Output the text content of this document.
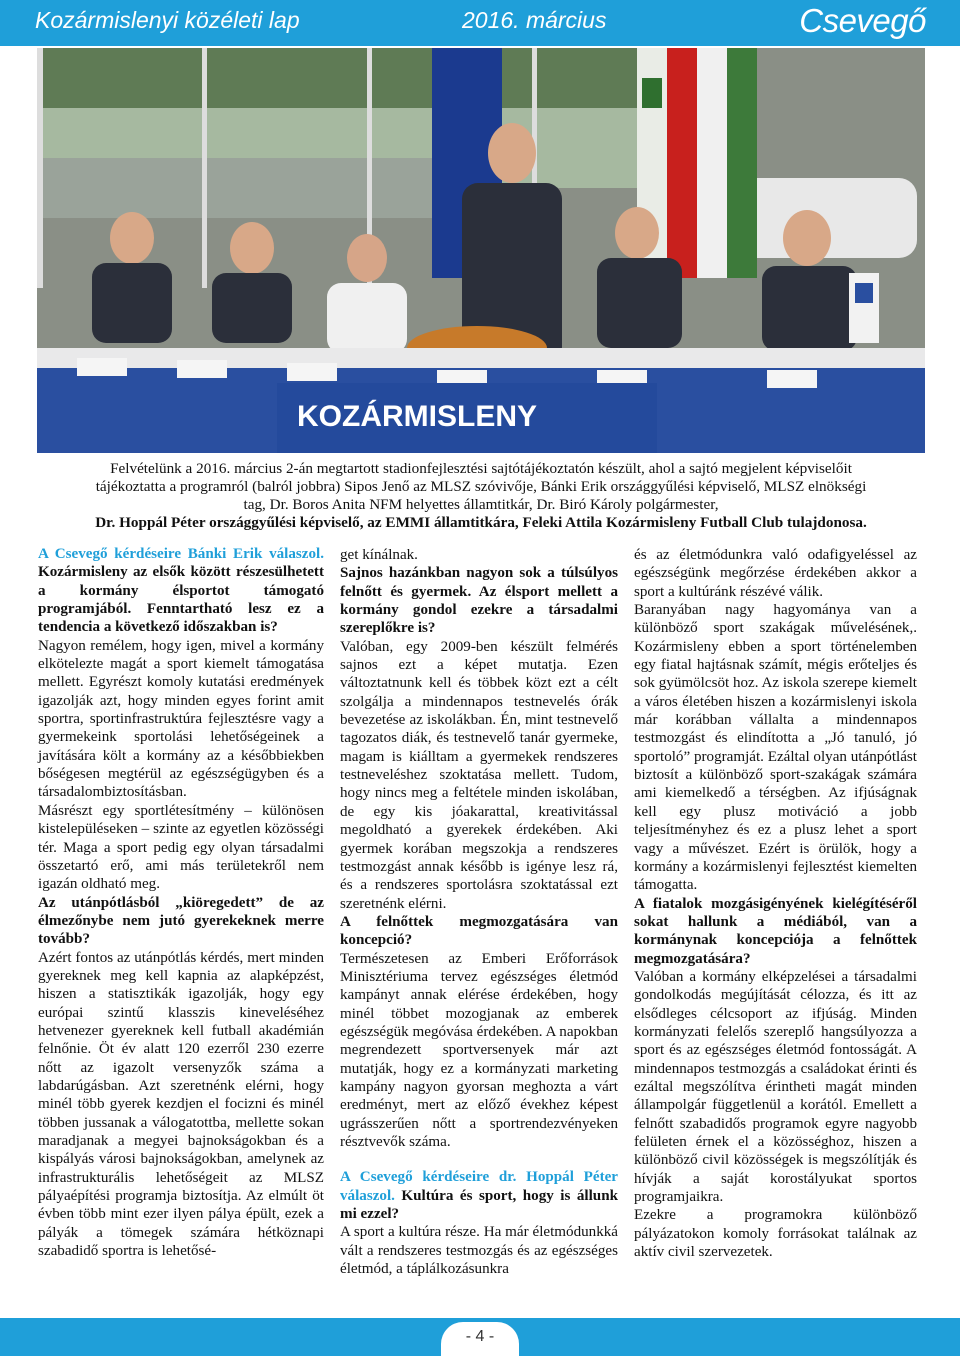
Kozármislenyi közéleti lap	2016. március	Csevegő
KOZÁRMISLENY
Felvételünk a 2016. március 2-án megtartott stadionfejlesztési sajtótájékoztatón készült, ahol a sajtó megjelent képviselőit
tájékoztatta a programról (balról jobbra) Sipos Jenő az MLSZ szóvivője, Bánki Erik országgyűlési képviselő, MLSZ elnökségi
tag, Dr. Boros Anita NFM helyettes államtitkár, Dr. Biró Károly polgármester,
Dr. Hoppál Péter országgyűlési képviselő, az EMMI államtitkára, Feleki Attila Kozármisleny Futball Club tulajdonosa.

A Csevegő kérdéseire Bánki Erik válaszol. Kozármisleny az elsők között részesülhetett a kormány élsportot támogató programjából. Fenntartható lesz ez a tendencia a következő időszakban is?

Nagyon remélem, hogy igen, mivel a kormány elkötelezte magát a sport kiemelt támogatása mellett. Egyrészt komoly kutatási eredmények igazolják azt, hogy minden egyes forint amit sportra, sportinfrastruktúra fejlesztésre vagy a gyermekeink sportolási lehetőségeinek a javítására költ a kormány az a későbbiekben bőségesen megtérül az egészségügyben és a társadalombiztosításban.

Másrészt egy sportlétesítmény – különösen kistelepüléseken – szinte az egyetlen közösségi tér. Maga a sport pedig egy olyan társadalmi összetartó erő, ami más területekről nem igazán oldható meg.

Az utánpótlásból „kiöregedett” de az élmezőnybe nem jutó gyerekeknek merre tovább?

Azért fontos az utánpótlás kérdés, mert minden gyereknek meg kell kapnia az alapképzést, hiszen a statisztikák igazolják, hogy egy európai szintű klasszis kineveléséhez hetvenezer gyereknek kell futball akadémián felnőnie. Öt év alatt 120 ezerről 230 ezerre nőtt az igazolt versenyzők száma a labdarúgásban. Azt szeretnénk elérni, hogy minél több gyerek kezdjen el focizni és minél többen jussanak a válogatottba, mellette sokan maradjanak a megyei bajnokságokban és a kispályás városi bajnokságokban, amelynek az infrastrukturális lehetőségeit az MLSZ pályaépítési programja biztosítja. Az elmúlt öt évben több mint ezer ilyen pálya épült, ezek a pályák a tömegek számára hétköznapi szabadidő sportra is lehetősé-

get kínálnak.

Sajnos hazánkban nagyon sok a túlsúlyos felnőtt és gyermek. Az élsport mellett a kormány gondol ezekre a társadalmi szereplőkre is?

Valóban, egy 2009-ben készült felmérés sajnos ezt a képet mutatja. Ezen változtatnunk kell és többek közt ezt a célt szolgálja a mindennapos testnevelés órák bevezetése az iskolákban. Én, mint testnevelő tagozatos diák, és testnevelő tanár gyermeke, magam is kiálltam a gyermekek rendszeres testneveléshez szoktatása mellett. Tudom, hogy nincs meg a feltétele minden iskolában, de egy kis jóakarattal, kreativitással megoldható a gyerekek érdekében. Aki gyermek korában megszokja a rendszeres testmozgást annak később is igénye lesz rá, és a rendszeres sportolásra szoktatással ezt szeretnénk elérni.

A felnőttek megmozgatására van koncepció?

Természetesen az Emberi Erőforrások Minisztériuma tervez egészséges életmód kampányt annak elérése érdekében, hogy minél többet mozogjanak az emberek egészségük megóvása érdekében. A napokban megrendezett sportversenyek már azt mutatják, hogy ez a kormányzati marketing kampány nagyon gyorsan meghozta a várt eredményt, mert az előző évekhez képest ugrásszerűen nőtt a sportrendezvényeken résztvevők száma.

A Csevegő kérdéseire dr. Hoppál Péter válaszol. Kultúra és sport, hogy is állunk mi ezzel?

A sport a kultúra része. Ha már életmódunkká vált a rendszeres testmozgás és az egészséges életmód, a táplálkozásunkra

és az életmódunkra való odafigyeléssel az egészségünk megőrzése érdekében akkor a sport a kultúránk részévé válik.

Baranyában nagy hagyománya van a különböző sport szakágak művelésének,. Kozármisleny ebben a sport történelemben egy fiatal hajtásnak számít, mégis erőteljes és sok gyümölcsöt hoz. Az iskola szerepe kiemelt a város életében hiszen a kozármislenyi iskola már korábban vállalta a mindennapos testmozgást és elindította a „Jó tanuló, jó sportoló” programját. Ezáltal olyan utánpótlást biztosít a különböző sport-szakágak számára ami kiemelkedő a térségben. Az ifjúságnak kell egy plusz motiváció a jobb teljesítményhez és ez a plusz lehet a sport vagy a művészet. Ezért is örülök, hogy a kormány a kozármislenyi fejlesztést kiemelten támogatta.

A fiatalok mozgásigényének kielégítéséről sokat hallunk a médiából, van a kormánynak koncepciója a felnőttek megmozgatására?

Valóban a kormány elképzelései a társadalmi gondolkodás megújítását célozza, és itt az elsődleges célcsoport az ifjúság. Minden kormányzati felelős szereplő hangsúlyozza a sport és az egészséges életmód fontosságát. A mindennapos testmozgás a családokat érinti és ezáltal megszólítva érintheti magát minden állampolgár függetlenül a korától. Emellett a felnőtt szabadidős programok egyre nagyobb felületen érnek el a közösséghoz, hiszen a különböző civil közösségek is megszólítják és hívják a saját korostályukat sportos programjaikra.

Ezekre a programokra különböző pályázatokon komoly forrásokat találnak az aktív civil szervezetek.

- 4 -
